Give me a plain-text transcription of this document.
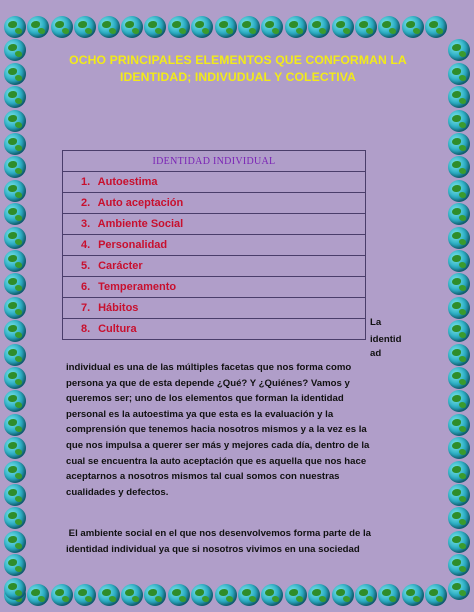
OCHO PRINCIPALES ELEMENTOS QUE CONFORMAN LA
IDENTIDAD; INDIVUDUAL Y COLECTIVA
IDENTIDAD INDIVIDUAL
1. Autoestima
2. Auto aceptación
3. Ambiente Social
4. Personalidad
5. Carácter
6. Temperamento
7. Hábitos
8. Cultura
La
identid
ad
individual es una de las múltiples facetas que nos forma como
persona ya que de esta depende ¿Qué? Y ¿Quiénes? Vamos y
queremos ser; uno de los elementos que forman la identidad
personal es la autoestima ya que esta es la evaluación y la
comprensión que tenemos hacia nosotros mismos y a la vez es la
que nos impulsa a querer ser más y mejores cada día, dentro de la
cual se encuentra la auto aceptación que es aquella que nos hace
aceptarnos a nosotros mismos tal cual somos con nuestras
cualidades y defectos.
El ambiente social en el que nos desenvolvemos forma parte de la
identidad individual ya que si nosotros vivimos en una sociedad
